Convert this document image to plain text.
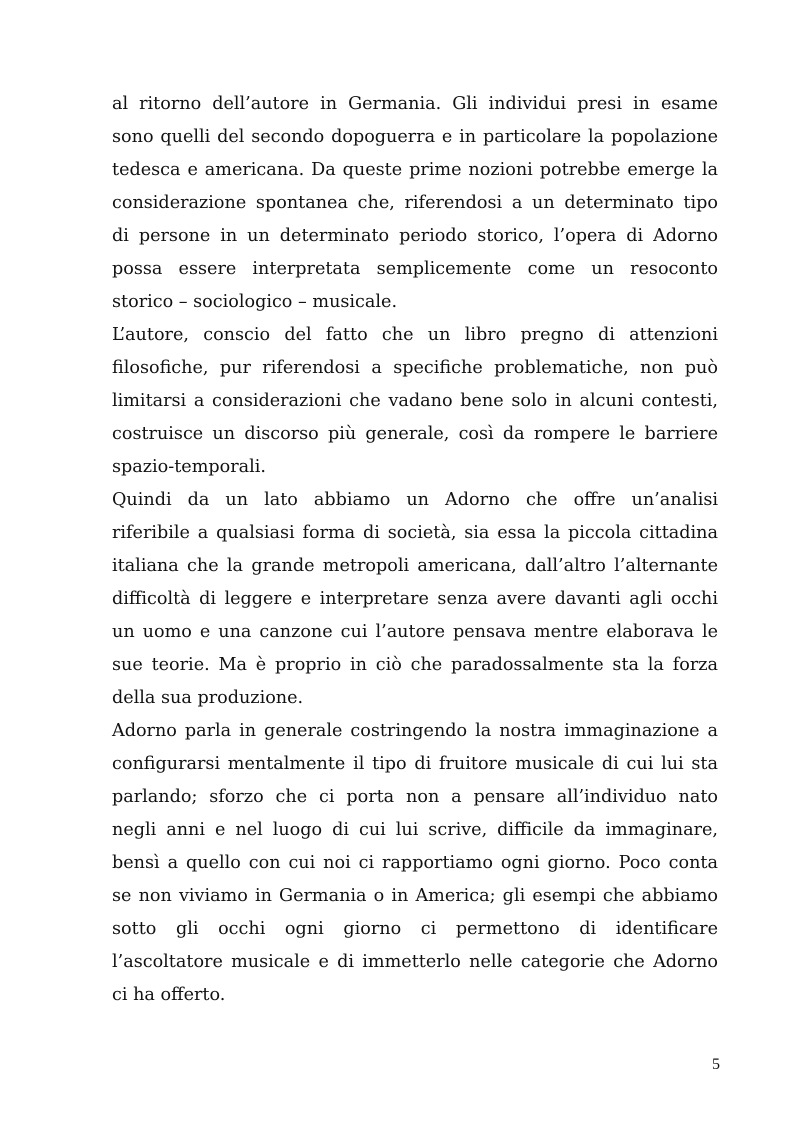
al ritorno dell’autore in Germania. Gli individui presi in esame
sono quelli del secondo dopoguerra e in particolare la popolazione
tedesca e americana. Da queste prime nozioni potrebbe emerge la
considerazione spontanea che, riferendosi a un determinato tipo
di persone in un determinato periodo storico, l’opera di Adorno
possa essere interpretata semplicemente come un resoconto
storico – sociologico – musicale.
L’autore, conscio del fatto che un libro pregno di attenzioni
filosofiche, pur riferendosi a specifiche problematiche, non può
limitarsi a considerazioni che vadano bene solo in alcuni contesti,
costruisce un discorso più generale, così da rompere le barriere
spazio-temporali.
Quindi da un lato abbiamo un Adorno che offre un’analisi
riferibile a qualsiasi forma di società, sia essa la piccola cittadina
italiana che la grande metropoli americana, dall’altro l’alternante
difficoltà di leggere e interpretare senza avere davanti agli occhi
un uomo e una canzone cui l’autore pensava mentre elaborava le
sue teorie. Ma è proprio in ciò che paradossalmente sta la forza
della sua produzione.
Adorno parla in generale costringendo la nostra immaginazione a
configurarsi mentalmente il tipo di fruitore musicale di cui lui sta
parlando; sforzo che ci porta non a pensare all’individuo nato
negli anni e nel luogo di cui lui scrive, difficile da immaginare,
bensì a quello con cui noi ci rapportiamo ogni giorno. Poco conta
se non viviamo in Germania o in America; gli esempi che abbiamo
sotto gli occhi ogni giorno ci permettono di identificare
l’ascoltatore musicale e di immetterlo nelle categorie che Adorno
ci ha offerto.
5
